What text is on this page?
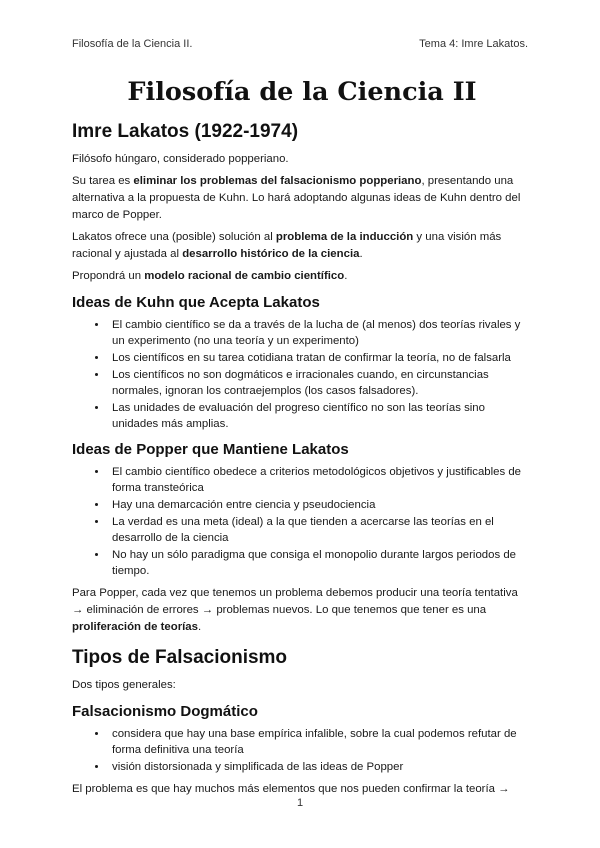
Filosofía de la Ciencia II.	Tema 4: Imre Lakatos.
Filosofía de la Ciencia II
Imre Lakatos (1922-1974)

Filósofo húngaro, considerado popperiano.

Su tarea es eliminar los problemas del falsacionismo popperiano, presentando una alternativa a la propuesta de Kuhn. Lo hará adoptando algunas ideas de Kuhn dentro del marco de Popper.

Lakatos ofrece una (posible) solución al problema de la inducción y una visión más racional y ajustada al desarrollo histórico de la ciencia.

Propondrá un modelo racional de cambio científico.

Ideas de Kuhn que Acepta Lakatos
• El cambio científico se da a través de la lucha de (al menos) dos teorías rivales y un experimento (no una teoría y un experimento)
• Los científicos en su tarea cotidiana tratan de confirmar la teoría, no de falsarla
• Los científicos no son dogmáticos e irracionales cuando, en circunstancias normales, ignoran los contraejemplos (los casos falsadores).
• Las unidades de evaluación del progreso científico no son las teorías sino unidades más amplias.
Ideas de Popper que Mantiene Lakatos
• El cambio científico obedece a criterios metodológicos objetivos y justificables de forma transteórica
• Hay una demarcación entre ciencia y pseudociencia
• La verdad es una meta (ideal) a la que tienden a acercarse las teorías en el desarrollo de la ciencia
• No hay un sólo paradigma que consiga el monopolio durante largos periodos de tiempo.

Para Popper, cada vez que tenemos un problema debemos producir una teoría tentativa → eliminación de errores → problemas nuevos. Lo que tenemos que tener es una proliferación de teorías.

Tipos de Falsacionismo

Dos tipos generales:

Falsacionismo Dogmático
• considera que hay una base empírica infalible, sobre la cual podemos refutar de forma definitiva una teoría
• visión distorsionada y simplificada de las ideas de Popper

El problema es que hay muchos más elementos que nos pueden confirmar la teoría →

1
